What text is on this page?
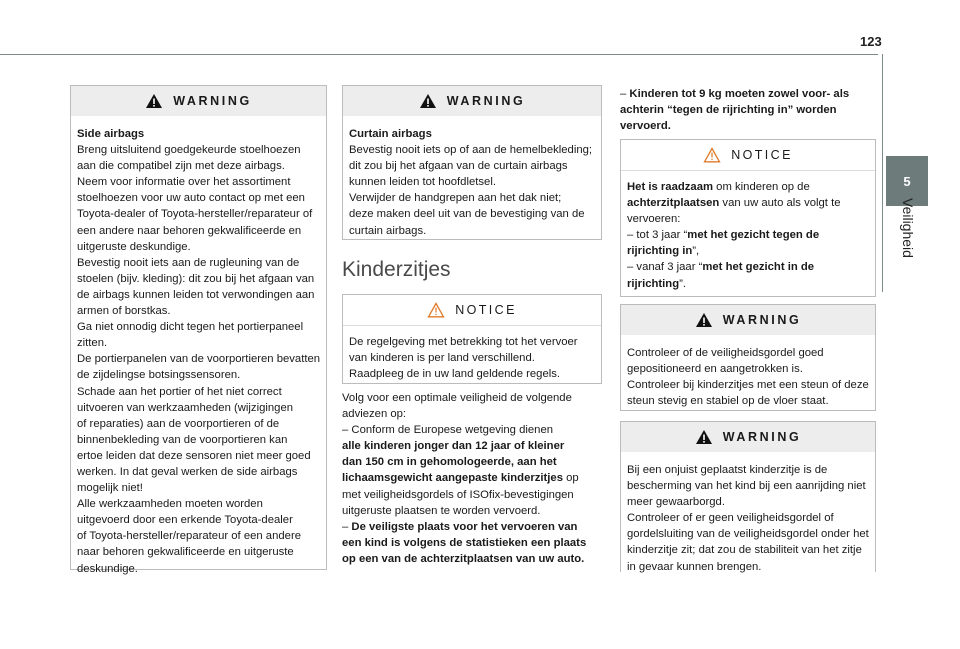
123
5
Veiligheid
WARNING
Side airbags
Breng uitsluitend goedgekeurde stoelhoezen
aan die compatibel zijn met deze airbags.
Neem voor informatie over het assortiment
stoelhoezen voor uw auto contact op met een
Toyota-dealer of Toyota-hersteller/reparateur of
een andere naar behoren gekwalificeerde en
uitgeruste deskundige.
Bevestig nooit iets aan de rugleuning van de
stoelen (bijv. kleding): dit zou bij het afgaan van
de airbags kunnen leiden tot verwondingen aan
armen of borstkas.
Ga niet onnodig dicht tegen het portierpaneel
zitten.
De portierpanelen van de voorportieren bevatten
de zijdelingse botsingssensoren.
Schade aan het portier of het niet correct
uitvoeren van werkzaamheden (wijzigingen
of reparaties) aan de voorportieren of de
binnenbekleding van de voorportieren kan
ertoe leiden dat deze sensoren niet meer goed
werken. In dat geval werken de side airbags
mogelijk niet!
Alle werkzaamheden moeten worden
uitgevoerd door een erkende Toyota-dealer
of Toyota-hersteller/reparateur of een andere
naar behoren gekwalificeerde en uitgeruste
deskundige.
WARNING
Curtain airbags
Bevestig nooit iets op of aan de hemelbekleding;
dit zou bij het afgaan van de curtain airbags
kunnen leiden tot hoofdletsel.
Verwijder de handgrepen aan het dak niet;
deze maken deel uit van de bevestiging van de
curtain airbags.
Kinderzitjes
NOTICE
De regelgeving met betrekking tot het vervoer
van kinderen is per land verschillend.
Raadpleeg de in uw land geldende regels.
Volg voor een optimale veiligheid de volgende
adviezen op:
– Conform de Europese wetgeving dienen
alle kinderen jonger dan 12 jaar of kleiner
dan 150 cm in gehomologeerde, aan het
lichaamsgewicht aangepaste kinderzitjes op
met veiligheidsgordels of ISOfix-bevestigingen
uitgeruste plaatsen te worden vervoerd.
– De veiligste plaats voor het vervoeren van
een kind is volgens de statistieken een plaats
op een van de achterzitplaatsen van uw auto.
– Kinderen tot 9 kg moeten zowel voor- als
achterin “tegen de rijrichting in” worden
vervoerd.
NOTICE
Het is raadzaam om kinderen op de
achterzitplaatsen van uw auto als volgt te
vervoeren:
– tot 3 jaar “met het gezicht tegen de
rijrichting in”,
– vanaf 3 jaar “met het gezicht in de
rijrichting”.
WARNING
Controleer of de veiligheidsgordel goed
gepositioneerd en aangetrokken is.
Controleer bij kinderzitjes met een steun of deze
steun stevig en stabiel op de vloer staat.
WARNING
Bij een onjuist geplaatst kinderzitje is de
bescherming van het kind bij een aanrijding niet
meer gewaarborgd.
Controleer of er geen veiligheidsgordel of
gordelsluiting van de veiligheidsgordel onder het
kinderzitje zit; dat zou de stabiliteit van het zitje
in gevaar kunnen brengen.
